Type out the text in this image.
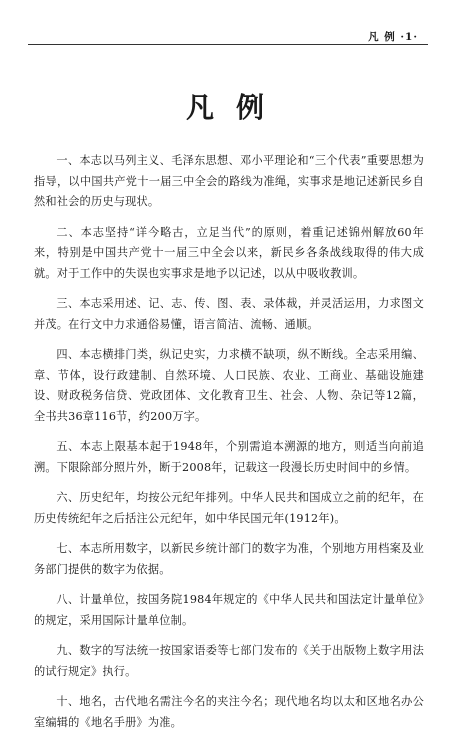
凡 例 ·1·
凡例

一、本志以马列主义、毛泽东思想、邓小平理论和“三个代表”重要思想为指导，以中国共产党十一届三中全会的路线为准绳，实事求是地记述新民乡自然和社会的历史与现状。

二、本志坚持“详今略古，立足当代”的原则，着重记述锦州解放60年来，特别是中国共产党十一届三中全会以来，新民乡各条战线取得的伟大成就。对于工作中的失误也实事求是地予以记述，以从中吸收教训。

三、本志采用述、记、志、传、图、表、录体裁，并灵活运用，力求图文并茂。在行文中力求通俗易懂，语言简洁、流畅、通顺。

四、本志横排门类，纵记史实，力求横不缺项，纵不断线。全志采用编、章、节体，设行政建制、自然环境、人口民族、农业、工商业、基础设施建设、财政税务信贷、党政团体、文化教育卫生、社会、人物、杂记等12篇，全书共36章116节，约200万字。

五、本志上限基本起于1948年，个别需追本溯源的地方，则适当向前追溯。下限除部分照片外，断于2008年，记载这一段漫长历史时间中的乡情。

六、历史纪年，均按公元纪年排列。中华人民共和国成立之前的纪年，在历史传统纪年之后括注公元纪年，如中华民国元年(1912年)。

七、本志所用数字，以新民乡统计部门的数字为准，个别地方用档案及业务部门提供的数字为依据。

八、计量单位，按国务院1984年规定的《中华人民共和国法定计量单位》的规定，采用国际计量单位制。

九、数字的写法统一按国家语委等七部门发布的《关于出版物上数字用法的试行规定》执行。

十、地名，古代地名需注今名的夹注今名；现代地名均以太和区地名办公室编辑的《地名手册》为准。
